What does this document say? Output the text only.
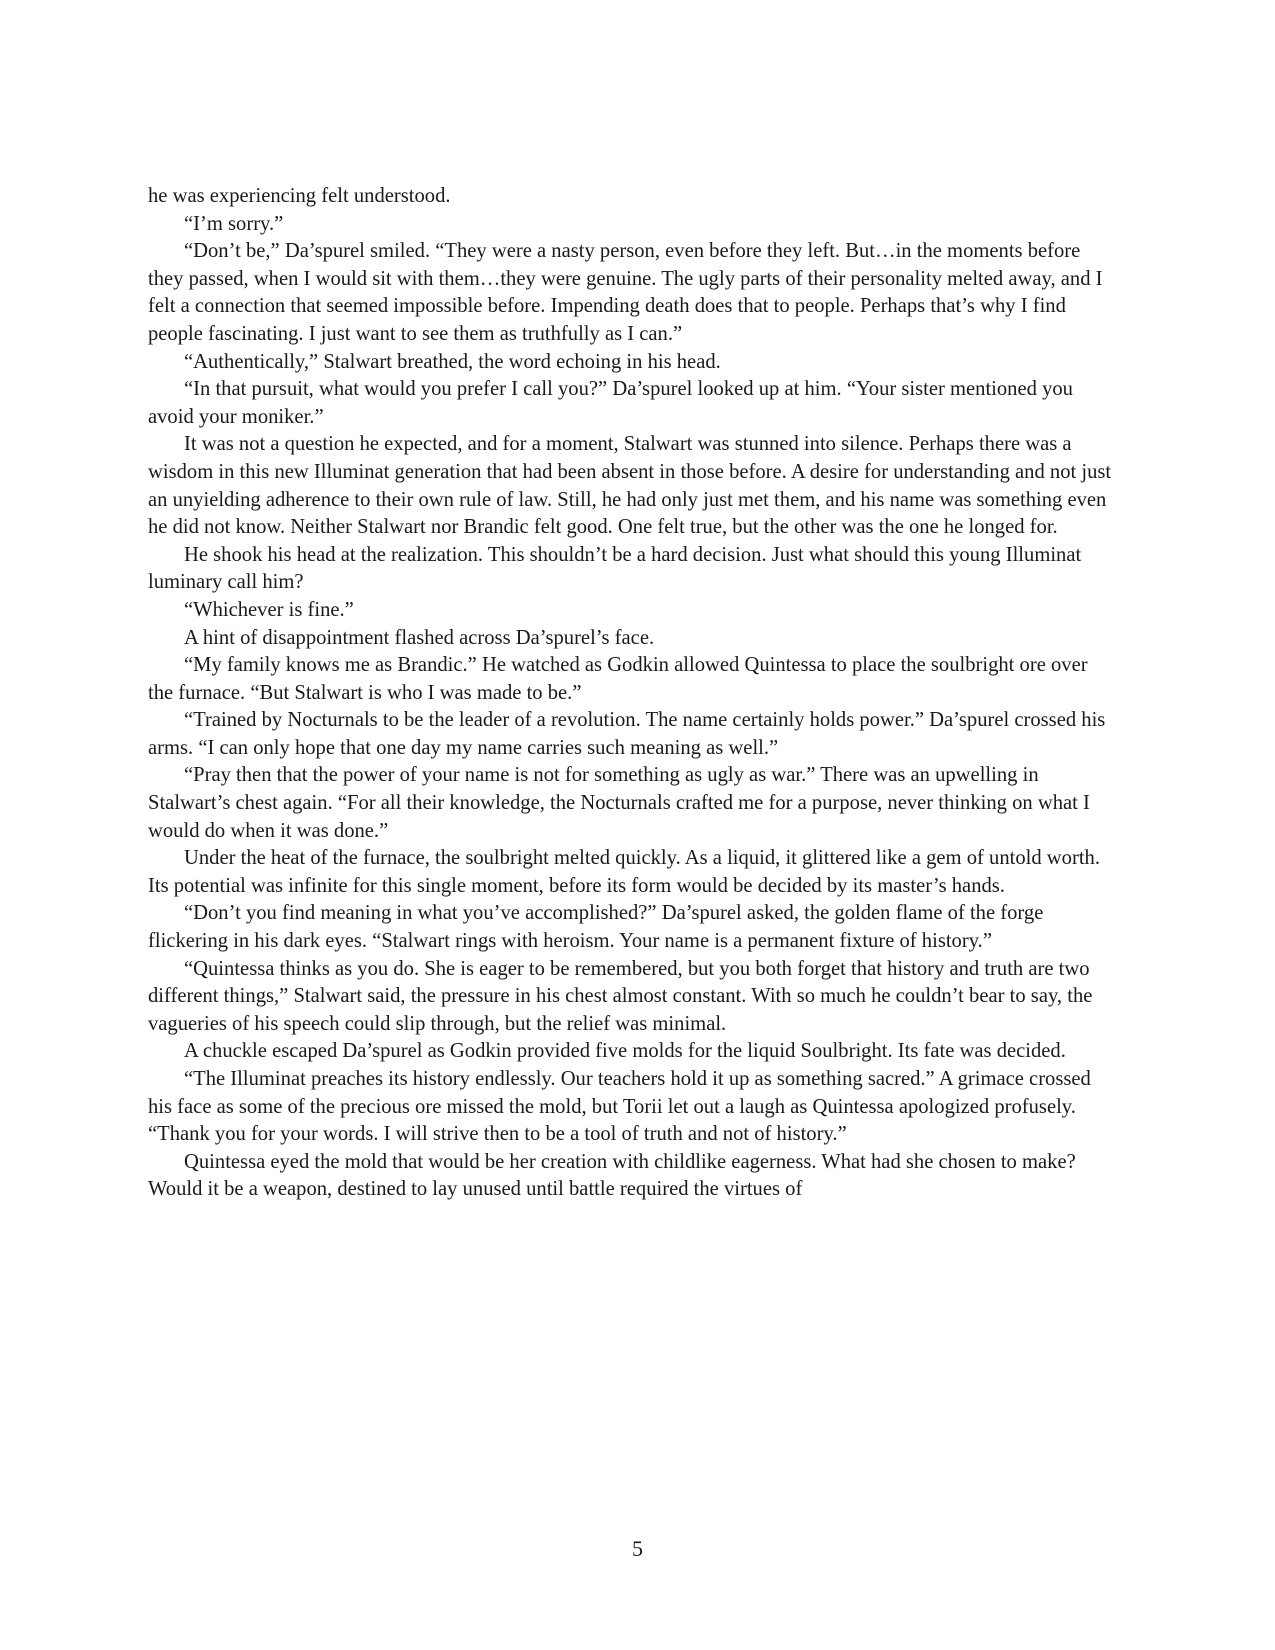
he was experiencing felt understood.

“I’m sorry.”

“Don’t be,” Da’spurel smiled. “They were a nasty person, even before they left. But…in the moments before they passed, when I would sit with them…they were genuine. The ugly parts of their personality melted away, and I felt a connection that seemed impossible before. Impending death does that to people. Perhaps that’s why I find people fascinating. I just want to see them as truthfully as I can.”

“Authentically,” Stalwart breathed, the word echoing in his head.

“In that pursuit, what would you prefer I call you?” Da’spurel looked up at him. “Your sister mentioned you avoid your moniker.”

It was not a question he expected, and for a moment, Stalwart was stunned into silence. Perhaps there was a wisdom in this new Illuminat generation that had been absent in those before. A desire for understanding and not just an unyielding adherence to their own rule of law. Still, he had only just met them, and his name was something even he did not know. Neither Stalwart nor Brandic felt good. One felt true, but the other was the one he longed for.

He shook his head at the realization. This shouldn’t be a hard decision. Just what should this young Illuminat luminary call him?

“Whichever is fine.”

A hint of disappointment flashed across Da’spurel’s face.

“My family knows me as Brandic.” He watched as Godkin allowed Quintessa to place the soulbright ore over the furnace. “But Stalwart is who I was made to be.”

“Trained by Nocturnals to be the leader of a revolution. The name certainly holds power.” Da’spurel crossed his arms. “I can only hope that one day my name carries such meaning as well.”

“Pray then that the power of your name is not for something as ugly as war.” There was an upwelling in Stalwart’s chest again. “For all their knowledge, the Nocturnals crafted me for a purpose, never thinking on what I would do when it was done.”

Under the heat of the furnace, the soulbright melted quickly. As a liquid, it glittered like a gem of untold worth. Its potential was infinite for this single moment, before its form would be decided by its master’s hands.

“Don’t you find meaning in what you’ve accomplished?” Da’spurel asked, the golden flame of the forge flickering in his dark eyes. “Stalwart rings with heroism. Your name is a permanent fixture of history.”

“Quintessa thinks as you do. She is eager to be remembered, but you both forget that history and truth are two different things,” Stalwart said, the pressure in his chest almost constant. With so much he couldn’t bear to say, the vagueries of his speech could slip through, but the relief was minimal.

A chuckle escaped Da’spurel as Godkin provided five molds for the liquid Soulbright. Its fate was decided.

“The Illuminat preaches its history endlessly. Our teachers hold it up as something sacred.” A grimace crossed his face as some of the precious ore missed the mold, but Torii let out a laugh as Quintessa apologized profusely. “Thank you for your words. I will strive then to be a tool of truth and not of history.”

Quintessa eyed the mold that would be her creation with childlike eagerness. What had she chosen to make? Would it be a weapon, destined to lay unused until battle required the virtues of

5
